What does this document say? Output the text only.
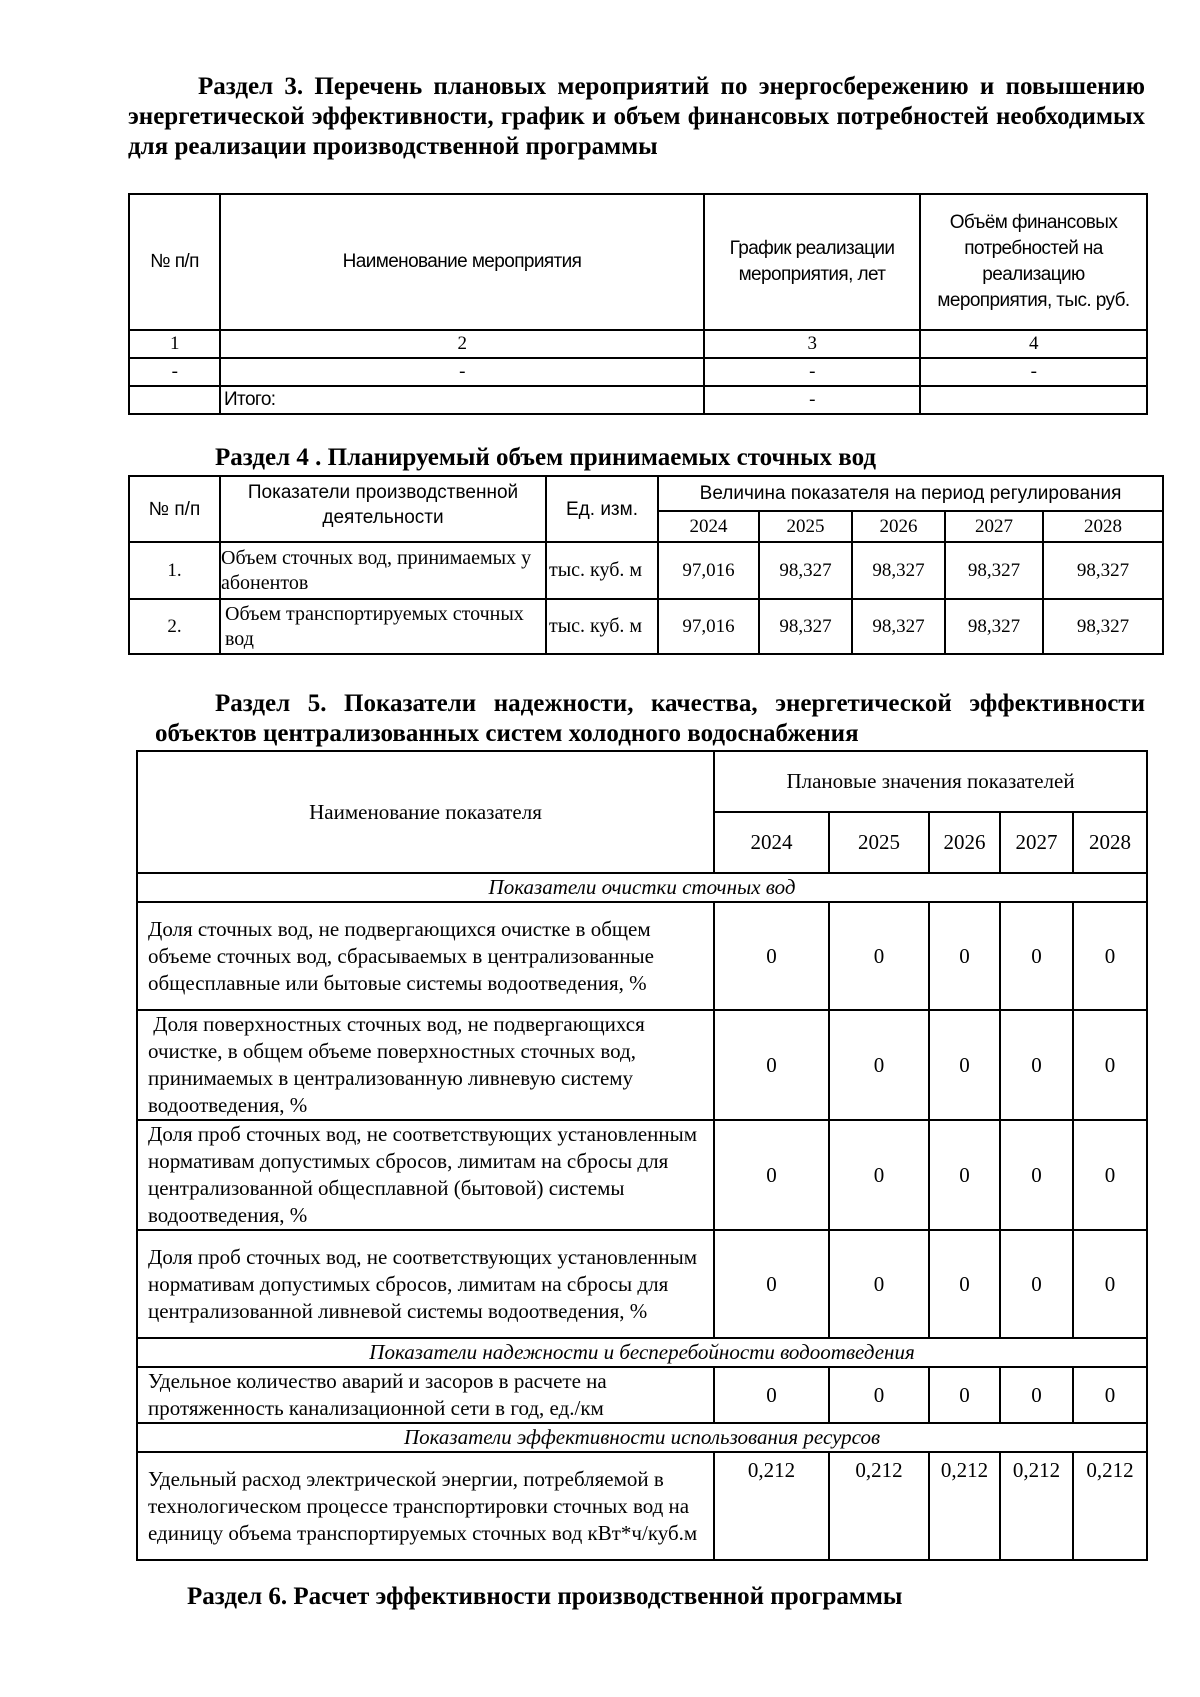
Раздел 3. Перечень плановых мероприятий по энергосбережению и повышению энергетической эффективности, график и объем финансовых потребностей необходимых для реализации производственной программы
№ п/п	Наименование мероприятия	График реализации мероприятия, лет	Объём финансовых потребностей на реализацию мероприятия, тыс. руб.
1	2	3	4
-	-	-	-
	Итого:	-	
Раздел 4 . Планируемый объем принимаемых сточных вод
№ п/п	Показатели производственной деятельности	Ед. изм.	Величина показателя на период регулирования				
			2024	2025	2026	2027	2028
1.	Объем сточных вод, принимаемых у абонентов	тыс. куб. м	97,016	98,327	98,327	98,327	98,327
2.	Объем транспортируемых сточных вод	тыс. куб. м	97,016	98,327	98,327	98,327	98,327
Раздел 5. Показатели надежности, качества, энергетической эффективности объектов централизованных систем холодного водоснабжения
Наименование показателя	Плановые значения показателей				
	2024	2025	2026	2027	2028
Показатели очистки сточных вод					
Доля сточных вод, не подвергающихся очистке в общем объеме сточных вод, сбрасываемых в централизованные общесплавные или бытовые системы водоотведения, %	0	0	0	0	0
Доля поверхностных сточных вод, не подвергающихся очистке, в общем объеме поверхностных сточных вод, принимаемых в централизованную ливневую систему водоотведения, %	0	0	0	0	0
Доля проб сточных вод, не соответствующих установленным нормативам допустимых сбросов, лимитам на сбросы для централизованной общесплавной (бытовой) системы водоотведения, %	0	0	0	0	0
Доля проб сточных вод, не соответствующих установленным нормативам допустимых сбросов, лимитам на сбросы для централизованной ливневой системы водоотведения, %	0	0	0	0	0
Показатели надежности и бесперебойности водоотведения					
Удельное количество аварий и засоров в расчете на протяженность канализационной сети в год, ед./км	0	0	0	0	0
Показатели эффективности использования ресурсов					
Удельный расход электрической энергии, потребляемой в технологическом процессе транспортировки сточных вод на единицу объема транспортируемых сточных вод кВт*ч/куб.м	0,212	0,212	0,212	0,212	0,212
Раздел 6. Расчет эффективности производственной программы
